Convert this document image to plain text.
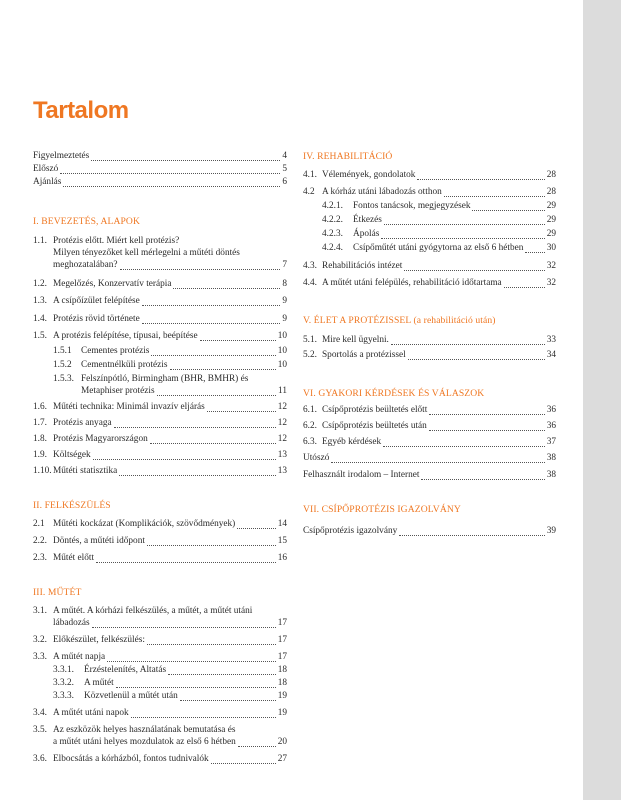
Tartalom
Figyelmeztetés	4
Előszó	5
Ajánlás	6
I. BEVEZETÉS, ALAPOK
1.1. Protézis előtt. Miért kell protézis?
Milyen tényezőket kell mérlegelni a műtéti döntés
meghozatalában?	7
1.2. Megelőzés, Konzervatív terápia	8
1.3. A csípőízület felépítése	9
1.4. Protézis rövid története	9
1.5. A protézis felépítése, típusai, beépítése	10
1.5.1 Cementes protézis	10
1.5.2 Cementnélküli protézis	10
1.5.3. Felszínpótló, Birmingham (BHR, BMHR) és
Metaphiser protézis	11
1.6. Műtéti technika: Minimál invazív eljárás	12
1.7. Protézis anyaga	12
1.8. Protézis Magyarországon	12
1.9. Költségek	13
1.10. Műtéti statisztika	13
II. FELKÉSZÜLÉS
2.1 Műtéti kockázat (Komplikációk, szövődmények)	14
2.2. Döntés, a műtéti időpont	15
2.3. Műtét előtt	16
III. MŰTÉT
3.1. A műtét. A kórházi felkészülés, a műtét, a műtét utáni
lábadozás	17
3.2. Előkészület, felkészülés:	17
3.3. A műtét napja	17
3.3.1. Érzéstelenítés, Altatás	18
3.3.2. A műtét	18
3.3.3. Közvetlenül a műtét után	19
3.4. A műtét utáni napok	19
3.5. Az eszközök helyes használatának bemutatása és
a műtét utáni helyes mozdulatok az első 6 hétben	20
3.6. Elbocsátás a kórházból, fontos tudnivalók	27
IV. REHABILITÁCIÓ
4.1. Vélemények, gondolatok	28
4.2 A kórház utáni lábadozás otthon	28
4.2.1. Fontos tanácsok, megjegyzések	29
4.2.2. Étkezés	29
4.2.3. Ápolás	29
4.2.4. Csípőműtét utáni gyógytorna az első 6 hétben	30
4.3. Rehabilitációs intézet	32
4.4. A műtét utáni felépülés, rehabilitáció időtartama	32
V. ÉLET A PROTÉZISSEL (a rehabilitáció után)
5.1. Mire kell ügyelni.	33
5.2. Sportolás a protézissel	34
VI. GYAKORI KÉRDÉSEK ÉS VÁLASZOK
6.1. Csípőprotézis beültetés előtt	36
6.2. Csípőprotézis beültetés után	36
6.3. Egyéb kérdések	37
Utószó	38
Felhasznált irodalom – Internet	38
VII. CSÍPŐPROTÉZIS IGAZOLVÁNY
Csípőprotézis igazolvány	39
